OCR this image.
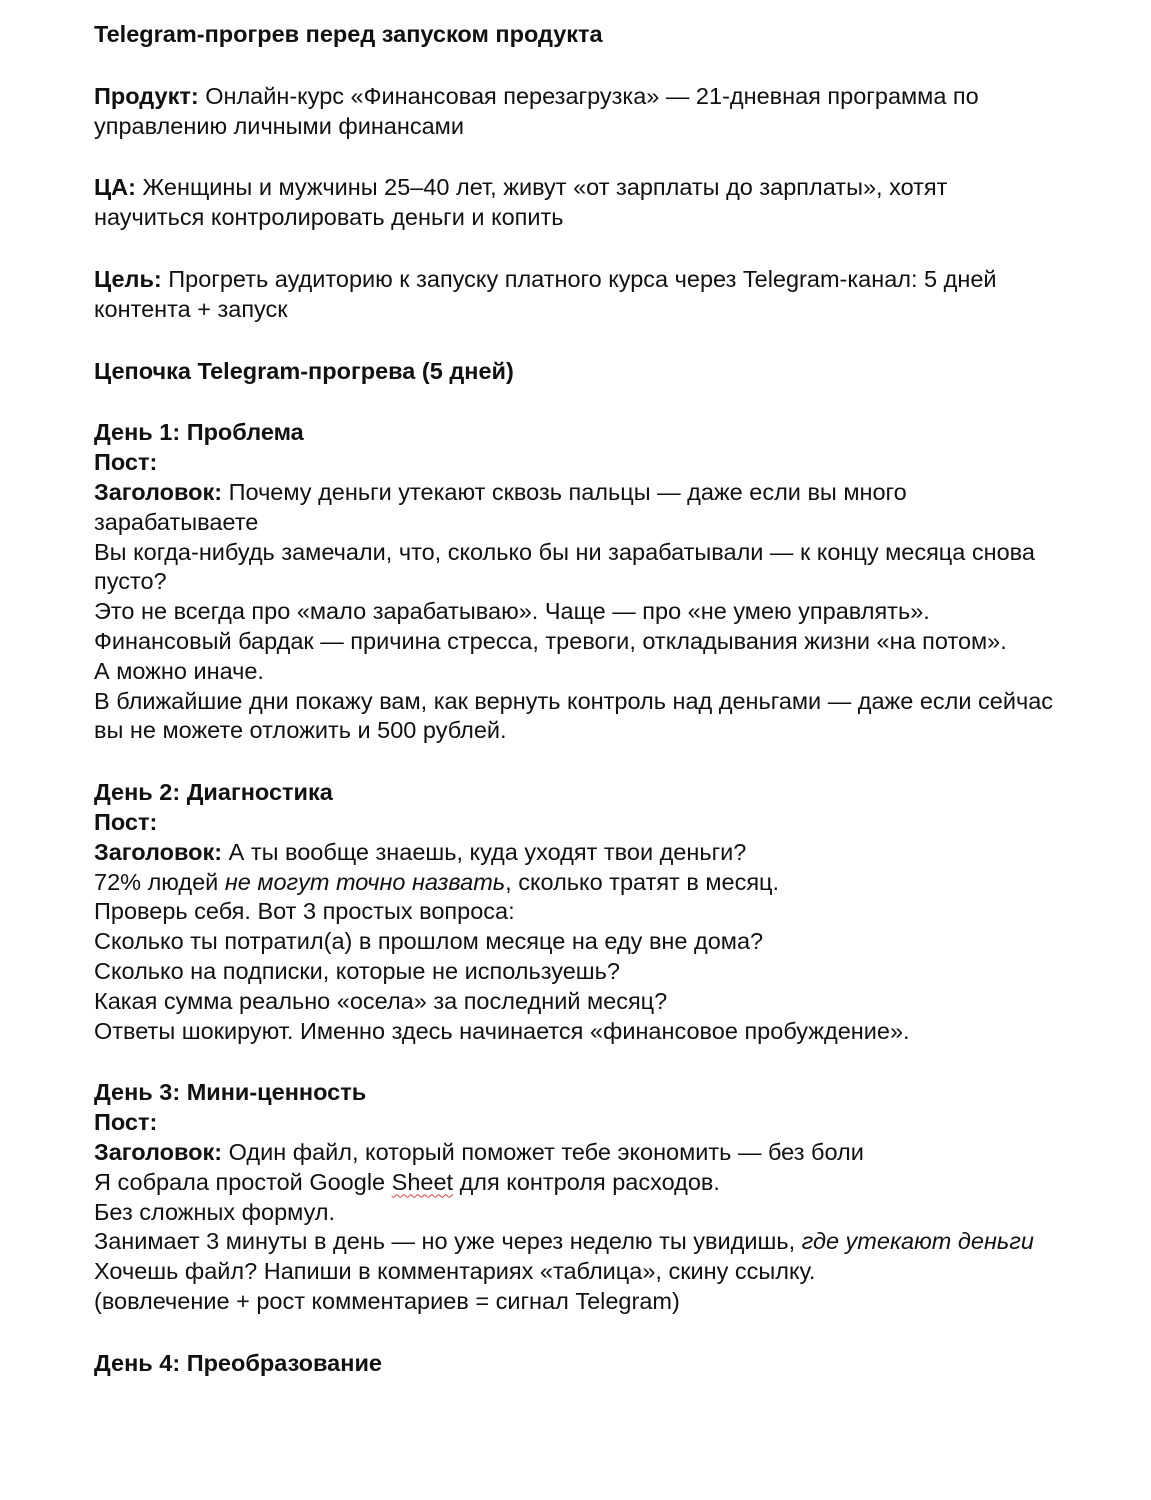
Telegram-прогрев перед запуском продукта

Продукт: Онлайн-курс «Финансовая перезагрузка» — 21-дневная программа по управлению личными финансами

ЦА: Женщины и мужчины 25–40 лет, живут «от зарплаты до зарплаты», хотят научиться контролировать деньги и копить

Цель: Прогреть аудиторию к запуску платного курса через Telegram-канал: 5 дней контента + запуск

Цепочка Telegram-прогрева (5 дней)

День 1: Проблема

Пост:

Заголовок: Почему деньги утекают сквозь пальцы — даже если вы много зарабатываете

Вы когда-нибудь замечали, что, сколько бы ни зарабатывали — к концу месяца снова пусто?

Это не всегда про «мало зарабатываю». Чаще — про «не умею управлять».

Финансовый бардак — причина стресса, тревоги, откладывания жизни «на потом».

А можно иначе.

В ближайшие дни покажу вам, как вернуть контроль над деньгами — даже если сейчас вы не можете отложить и 500 рублей.

День 2: Диагностика

Пост:

Заголовок: А ты вообще знаешь, куда уходят твои деньги?

72% людей не могут точно назвать, сколько тратят в месяц.

Проверь себя. Вот 3 простых вопроса:

Сколько ты потратил(а) в прошлом месяце на еду вне дома?

Сколько на подписки, которые не используешь?

Какая сумма реально «осела» за последний месяц?

Ответы шокируют. Именно здесь начинается «финансовое пробуждение».

День 3: Мини-ценность

Пост:

Заголовок: Один файл, который поможет тебе экономить — без боли

Я собрала простой Google Sheet для контроля расходов.

Без сложных формул.

Занимает 3 минуты в день — но уже через неделю ты увидишь, где утекают деньги

Хочешь файл? Напиши в комментариях «таблица», скину ссылку.

(вовлечение + рост комментариев = сигнал Telegram)

День 4: Преобразование
